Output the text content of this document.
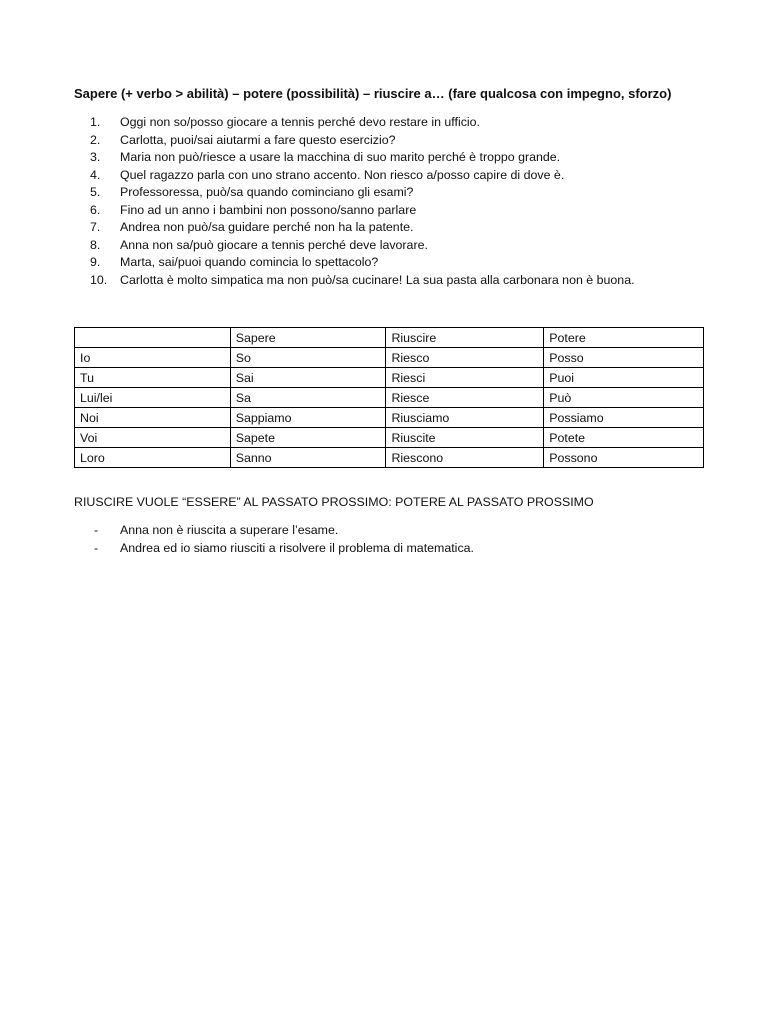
Sapere (+ verbo > abilità) – potere (possibilità) – riuscire a… (fare qualcosa con impegno, sforzo)
1.	Oggi non so/posso giocare a tennis perché devo restare in ufficio.
2.	Carlotta, puoi/sai aiutarmi a fare questo esercizio?
3.	Maria non può/riesce a usare la macchina di suo marito perché è troppo grande.
4.	Quel ragazzo parla con uno strano accento. Non riesco a/posso capire di dove è.
5.	Professoressa, può/sa quando cominciano gli esami?
6.	Fino ad un anno i bambini non possono/sanno parlare
7.	Andrea non può/sa guidare perché non ha la patente.
8.	Anna non sa/può giocare a tennis perché deve lavorare.
9.	Marta, sai/puoi quando comincia lo spettacolo?
10.	Carlotta è molto simpatica ma non può/sa cucinare! La sua pasta alla carbonara non è buona.
	Sapere	Riuscire	Potere
Io	So	Riesco	Posso
Tu	Sai	Riesci	Puoi
Lui/lei	Sa	Riesce	Può
Noi	Sappiamo	Riusciamo	Possiamo
Voi	Sapete	Riuscite	Potete
Loro	Sanno	Riescono	Possono
RIUSCIRE VUOLE “ESSERE” AL PASSATO PROSSIMO: POTERE AL PASSATO PROSSIMO
- Anna non è riuscita a superare l’esame.
- Andrea ed io siamo riusciti a risolvere il problema di matematica.
